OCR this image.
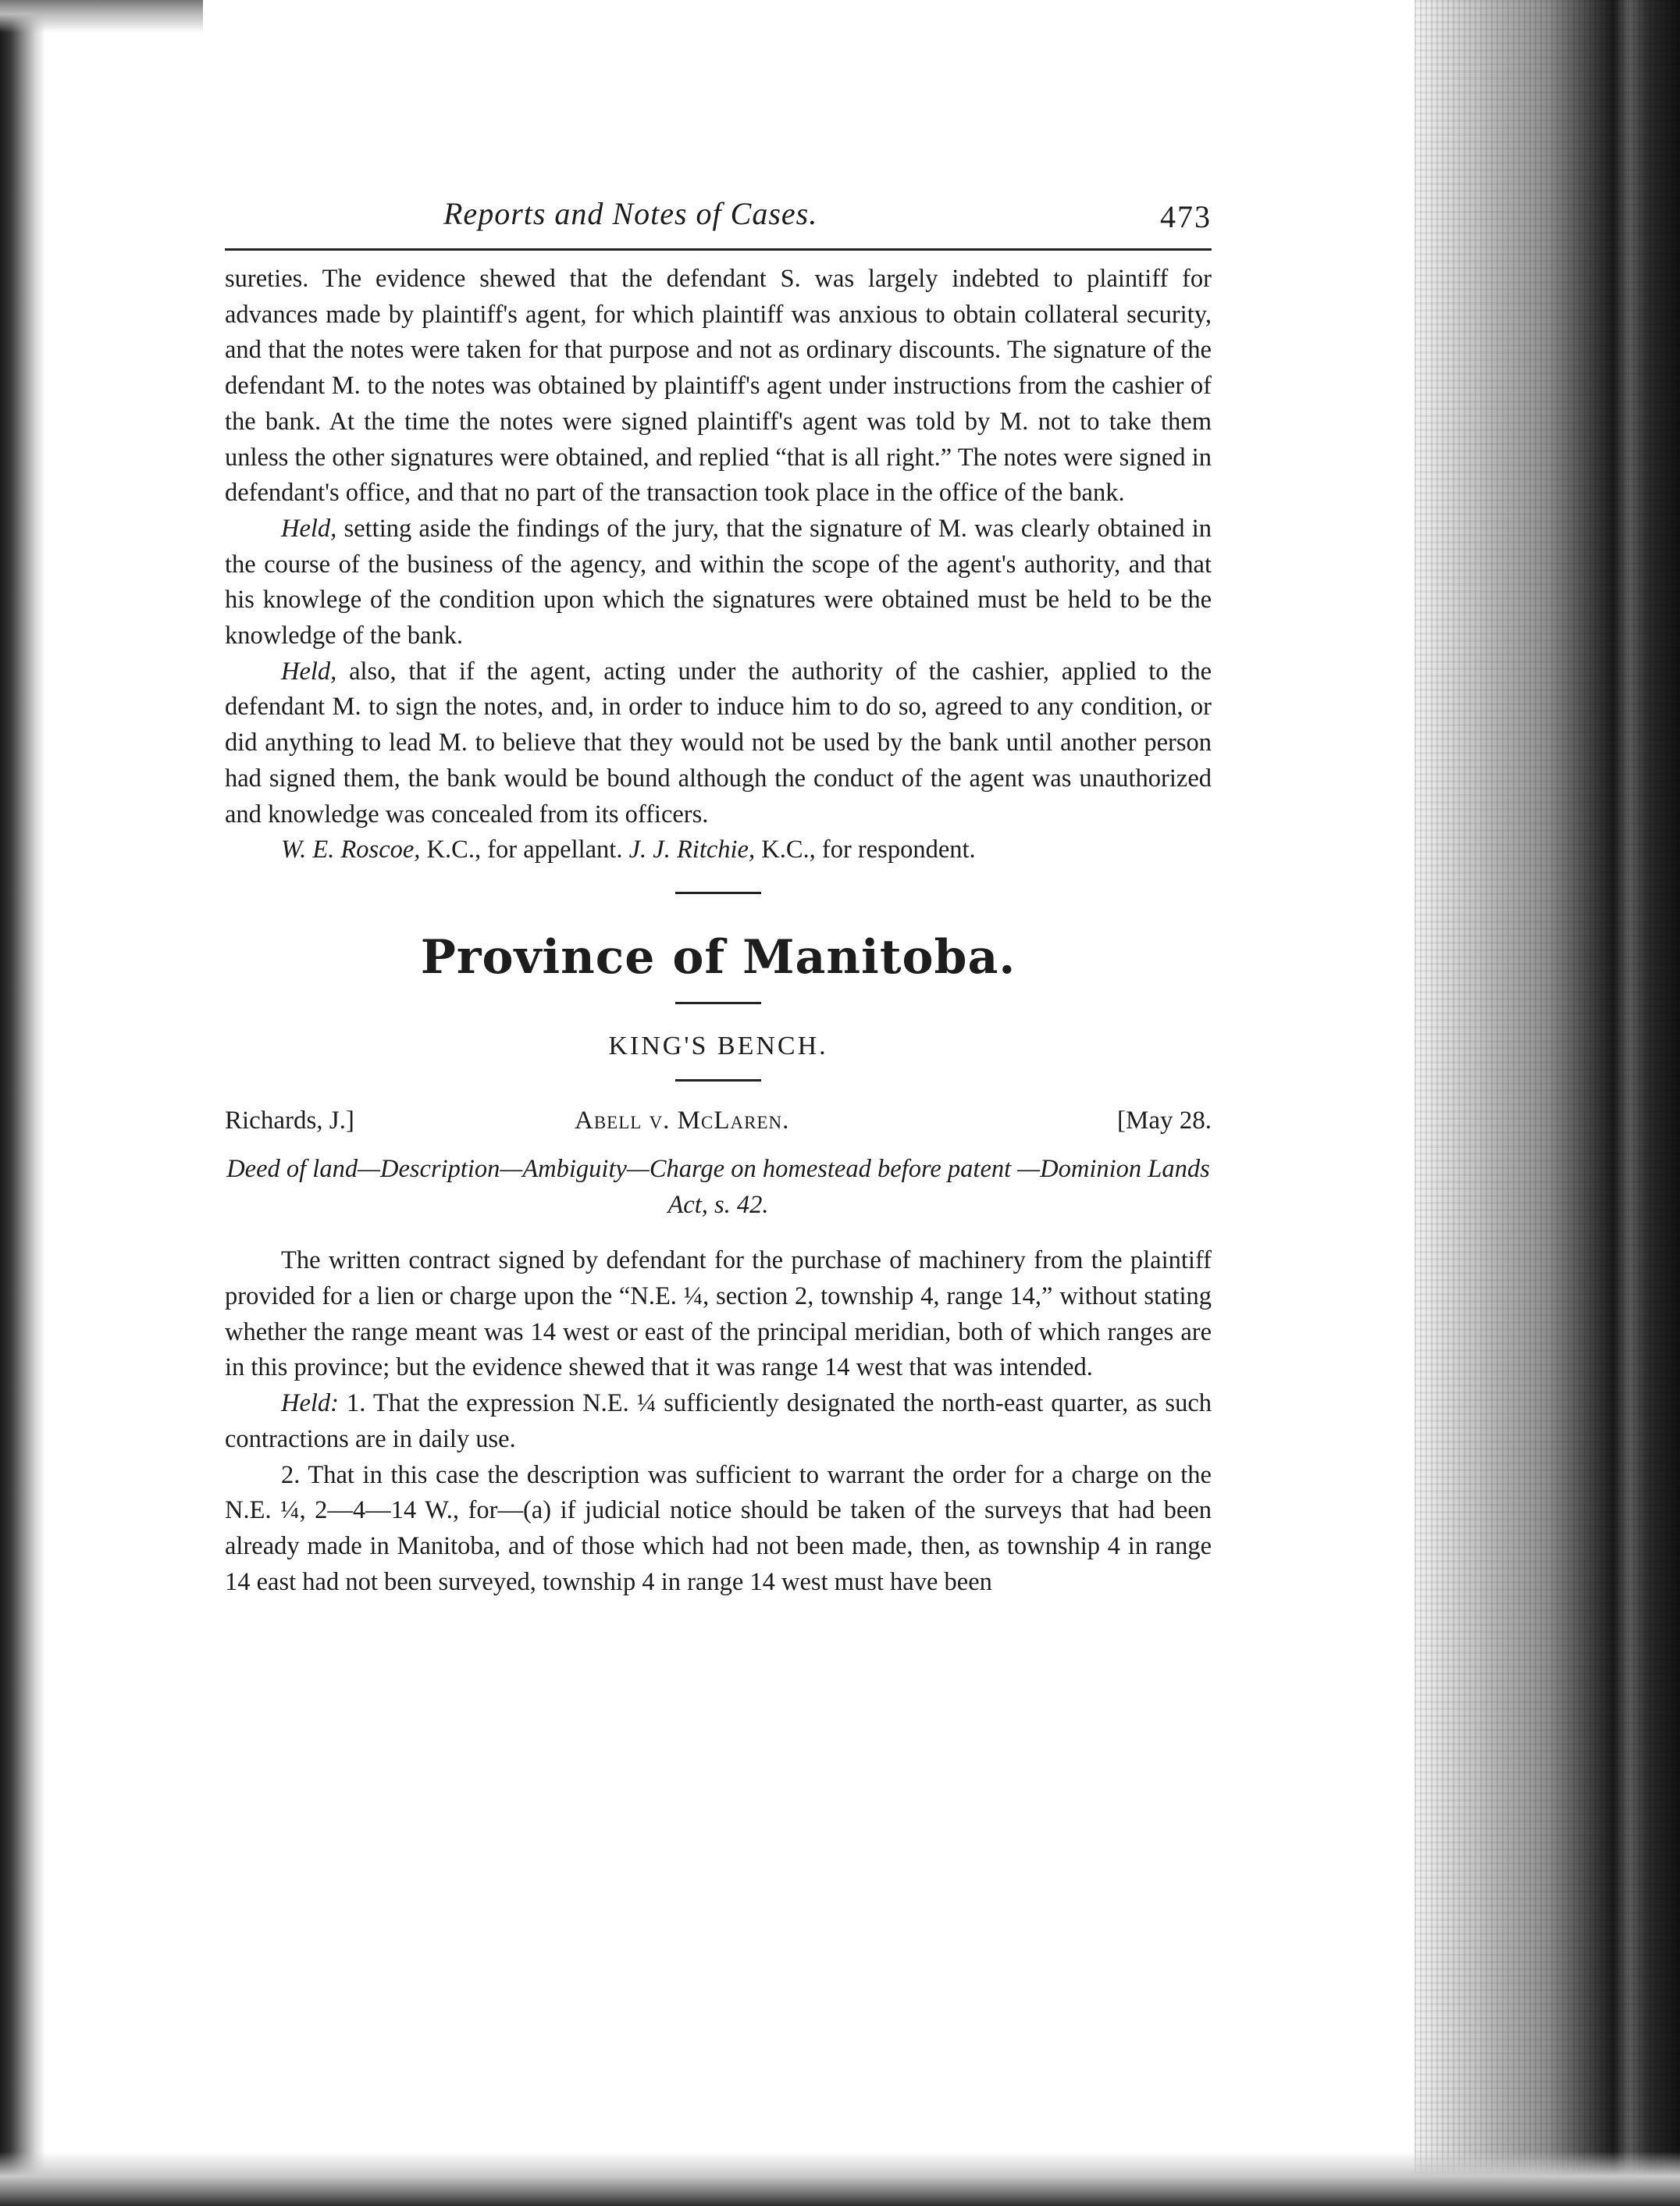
Reports and Notes of Cases.	473

sureties. The evidence shewed that the defendant S. was largely indebted to plaintiff for advances made by plaintiff's agent, for which plaintiff was anxious to obtain collateral security, and that the notes were taken for that purpose and not as ordinary discounts. The signature of the defendant M. to the notes was obtained by plaintiff's agent under instructions from the cashier of the bank. At the time the notes were signed plaintiff's agent was told by M. not to take them unless the other signatures were obtained, and replied “that is all right.” The notes were signed in defendant's office, and that no part of the transaction took place in the office of the bank.

Held, setting aside the findings of the jury, that the signature of M. was clearly obtained in the course of the business of the agency, and within the scope of the agent's authority, and that his knowlege of the condition upon which the signatures were obtained must be held to be the knowledge of the bank.

Held, also, that if the agent, acting under the authority of the cashier, applied to the defendant M. to sign the notes, and, in order to induce him to do so, agreed to any condition, or did anything to lead M. to believe that they would not be used by the bank until another person had signed them, the bank would be bound although the conduct of the agent was unauthorized and knowledge was concealed from its officers.

W. E. Roscoe, K.C., for appellant. J. J. Ritchie, K.C., for respondent.

Province of Manitoba.
KING'S BENCH.
Richards, J.]	Abell v. McLaren.	[May 28.
Deed of land—Description—Ambiguity—Charge on homestead before patent —Dominion Lands Act, s. 42.

The written contract signed by defendant for the purchase of machinery from the plaintiff provided for a lien or charge upon the “N.E. ¼, section 2, township 4, range 14,” without stating whether the range meant was 14 west or east of the principal meridian, both of which ranges are in this province; but the evidence shewed that it was range 14 west that was intended.

Held: 1. That the expression N.E. ¼ sufficiently designated the north-east quarter, as such contractions are in daily use.

2. That in this case the description was sufficient to warrant the order for a charge on the N.E. ¼, 2—4—14 W., for—(a) if judicial notice should be taken of the surveys that had been already made in Manitoba, and of those which had not been made, then, as township 4 in range 14 east had not been surveyed, township 4 in range 14 west must have been
